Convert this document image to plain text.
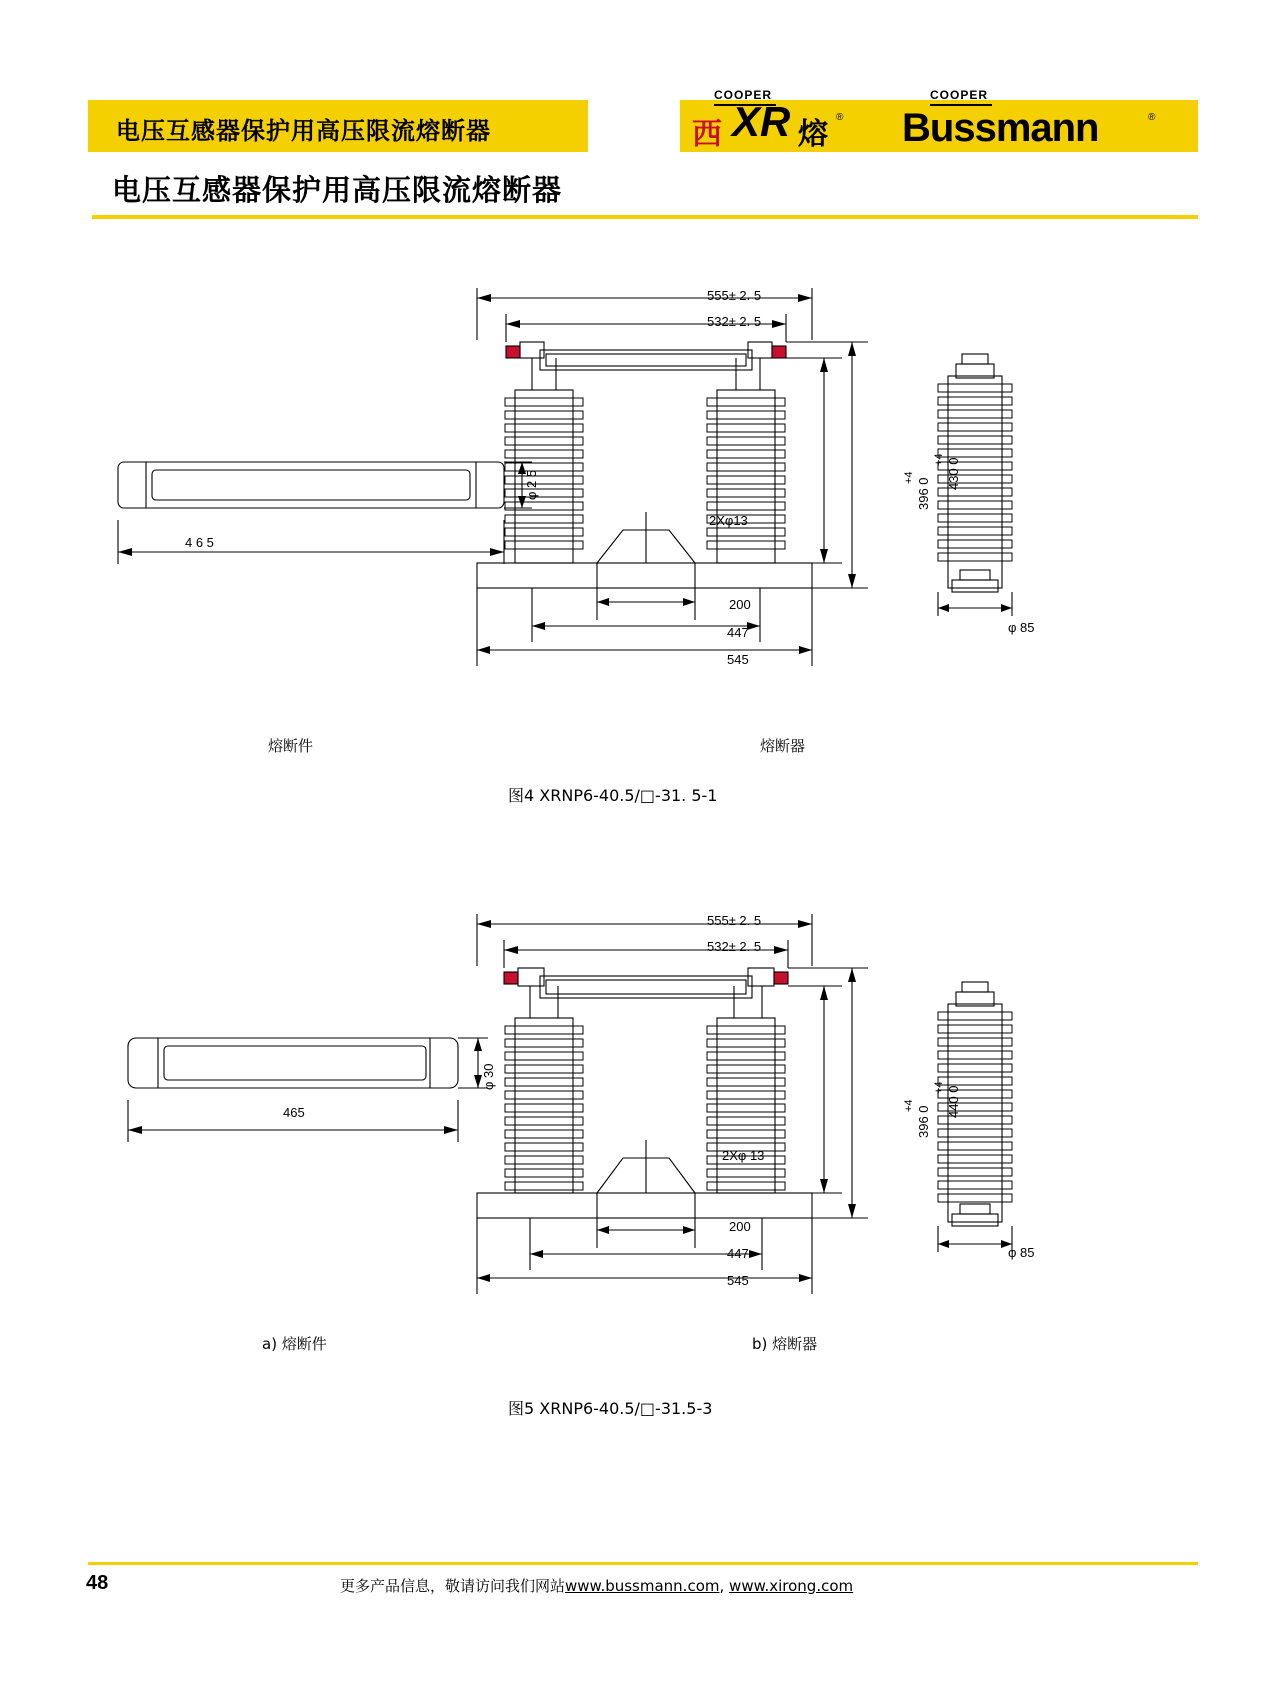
电压互感器保护用高压限流熔断器
COOPER
西 XR 熔 ®
COOPER
Bussmann	®
电压互感器保护用高压限流熔断器
4 6 5
φ 2 5
555± 2. 5
532± 2. 5
2Xφ13
200
447
545
396 0
+4 430 0
+4
φ 85
熔断件	熔断器
图4 XRNP6-40.5/□-31. 5-1
465
φ 30
555± 2. 5
532± 2. 5
2Xφ 13
200
447
545
396 0
+4 440 0
+4
φ 85
a) 熔断件	b) 熔断器
图5 XRNP6-40.5/□-31.5-3
48	更多产品信息，敬请访问我们网站www.bussmann.com, www.xirong.com
